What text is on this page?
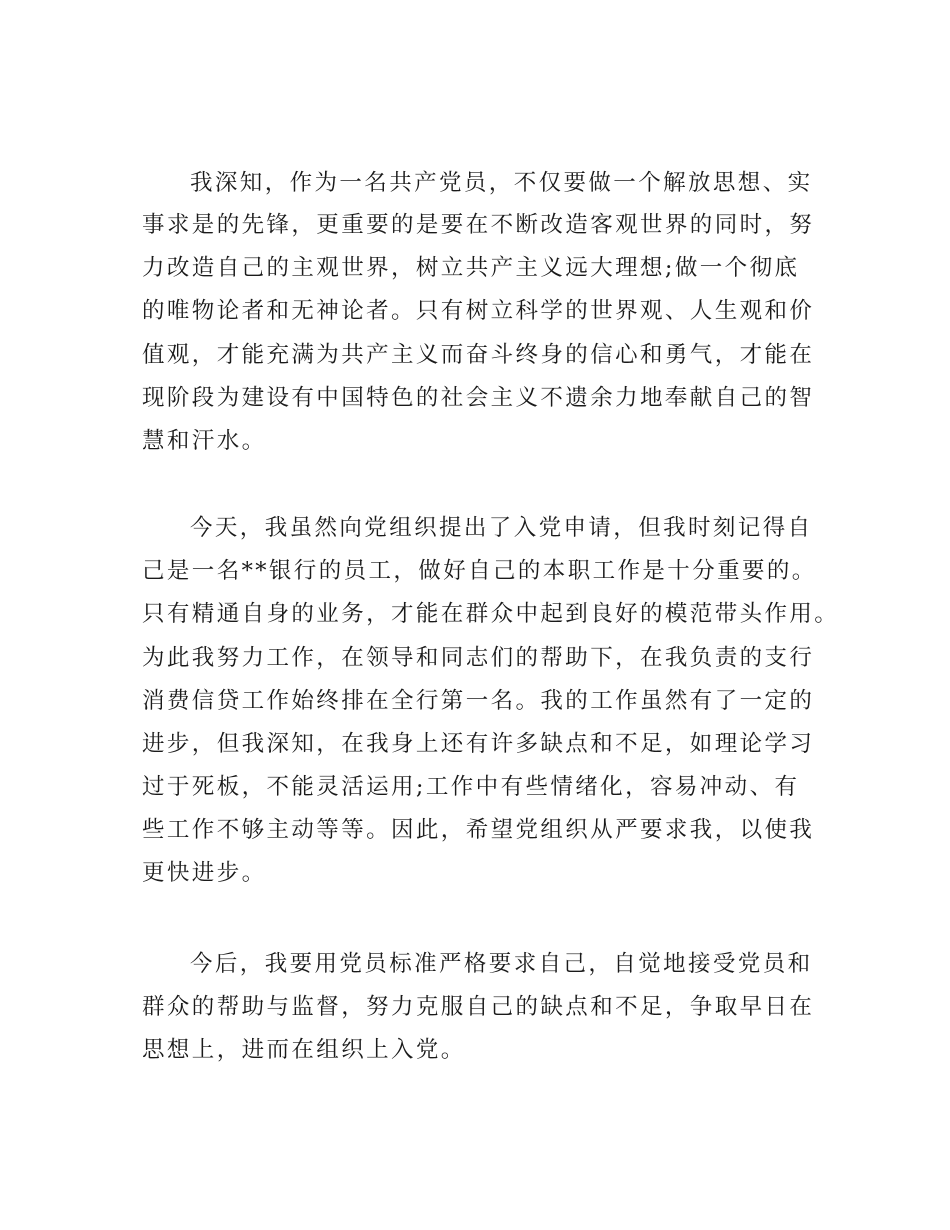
我深知，作为一名共产党员，不仅要做一个解放思想、实

事求是的先锋，更重要的是要在不断改造客观世界的同时，努

力改造自己的主观世界，树立共产主义远大理想;做一个彻底

的唯物论者和无神论者。只有树立科学的世界观、人生观和价

值观，才能充满为共产主义而奋斗终身的信心和勇气，才能在

现阶段为建设有中国特色的社会主义不遗余力地奉献自己的智

慧和汗水。

今天，我虽然向党组织提出了入党申请，但我时刻记得自

己是一名**银行的员工，做好自己的本职工作是十分重要的。

只有精通自身的业务，才能在群众中起到良好的模范带头作用。

为此我努力工作，在领导和同志们的帮助下，在我负责的支行

消费信贷工作始终排在全行第一名。我的工作虽然有了一定的

进步，但我深知，在我身上还有许多缺点和不足，如理论学习

过于死板，不能灵活运用;工作中有些情绪化，容易冲动、有

些工作不够主动等等。因此，希望党组织从严要求我，以使我

更快进步。

今后，我要用党员标准严格要求自己，自觉地接受党员和

群众的帮助与监督，努力克服自己的缺点和不足，争取早日在

思想上，进而在组织上入党。
